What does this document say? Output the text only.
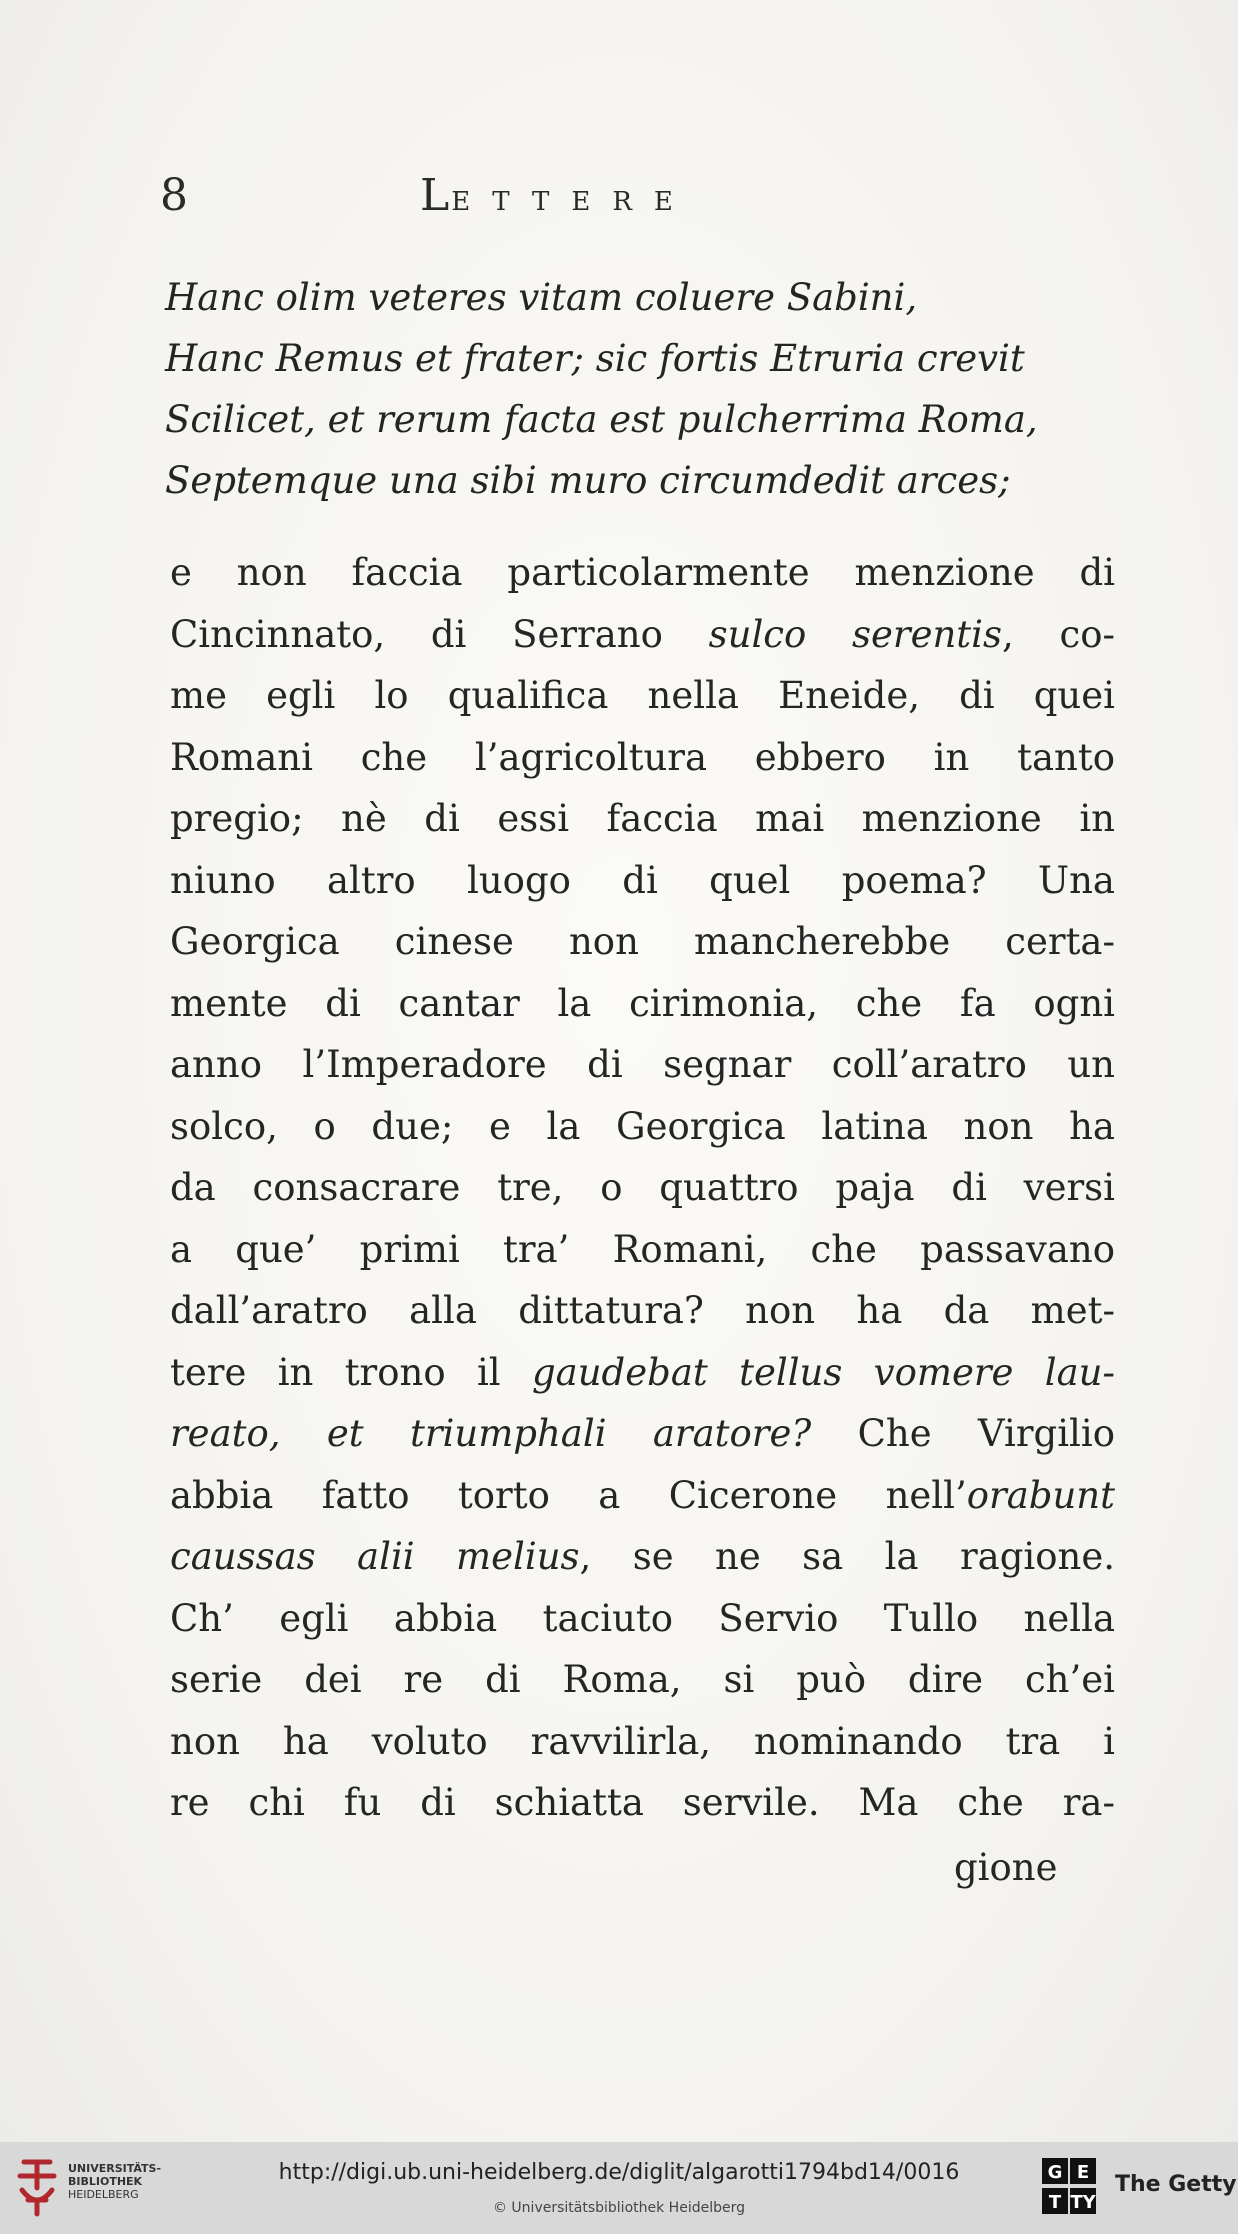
8	LETTERE
Hanc olim veteres vitam coluere Sabini,
Hanc Remus et frater; sic fortis Etruria crevit
Scilicet, et rerum facta est pulcherrima Roma,
Septemque una sibi muro circumdedit arces;
e non faccia particolarmente menzione di
Cincinnato, di Serrano sulco serentis, co-
me egli lo qualifica nella Eneide, di quei
Romani che l’agricoltura ebbero in tanto
pregio; nè di essi faccia mai menzione in
niuno altro luogo di quel poema? Una
Georgica cinese non mancherebbe certa-
mente di cantar la cirimonia, che fa ogni
anno l’Imperadore di segnar coll’aratro un
solco, o due; e la Georgica latina non ha
da consacrare tre, o quattro paja di versi
a que’ primi tra’ Romani, che passavano
dall’aratro alla dittatura? non ha da met-
tere in trono il gaudebat tellus vomere lau-
reato, et triumphali aratore? Che Virgilio
abbia fatto torto a Cicerone nell’orabunt
caussas alii melius, se ne sa la ragione.
Ch’ egli abbia taciuto Servio Tullo nella
serie dei re di Roma, si può dire ch’ei
non ha voluto ravvilirla, nominando tra i
re chi fu di schiatta servile. Ma che ra-
gione
UNIVERSITÄTS-
BIBLIOTHEK
HEIDELBERG
http://digi.ub.uni-heidelberg.de/diglit/algarotti1794bd14/0016
© Universitätsbibliothek Heidelberg
G E
T TY
The Getty
